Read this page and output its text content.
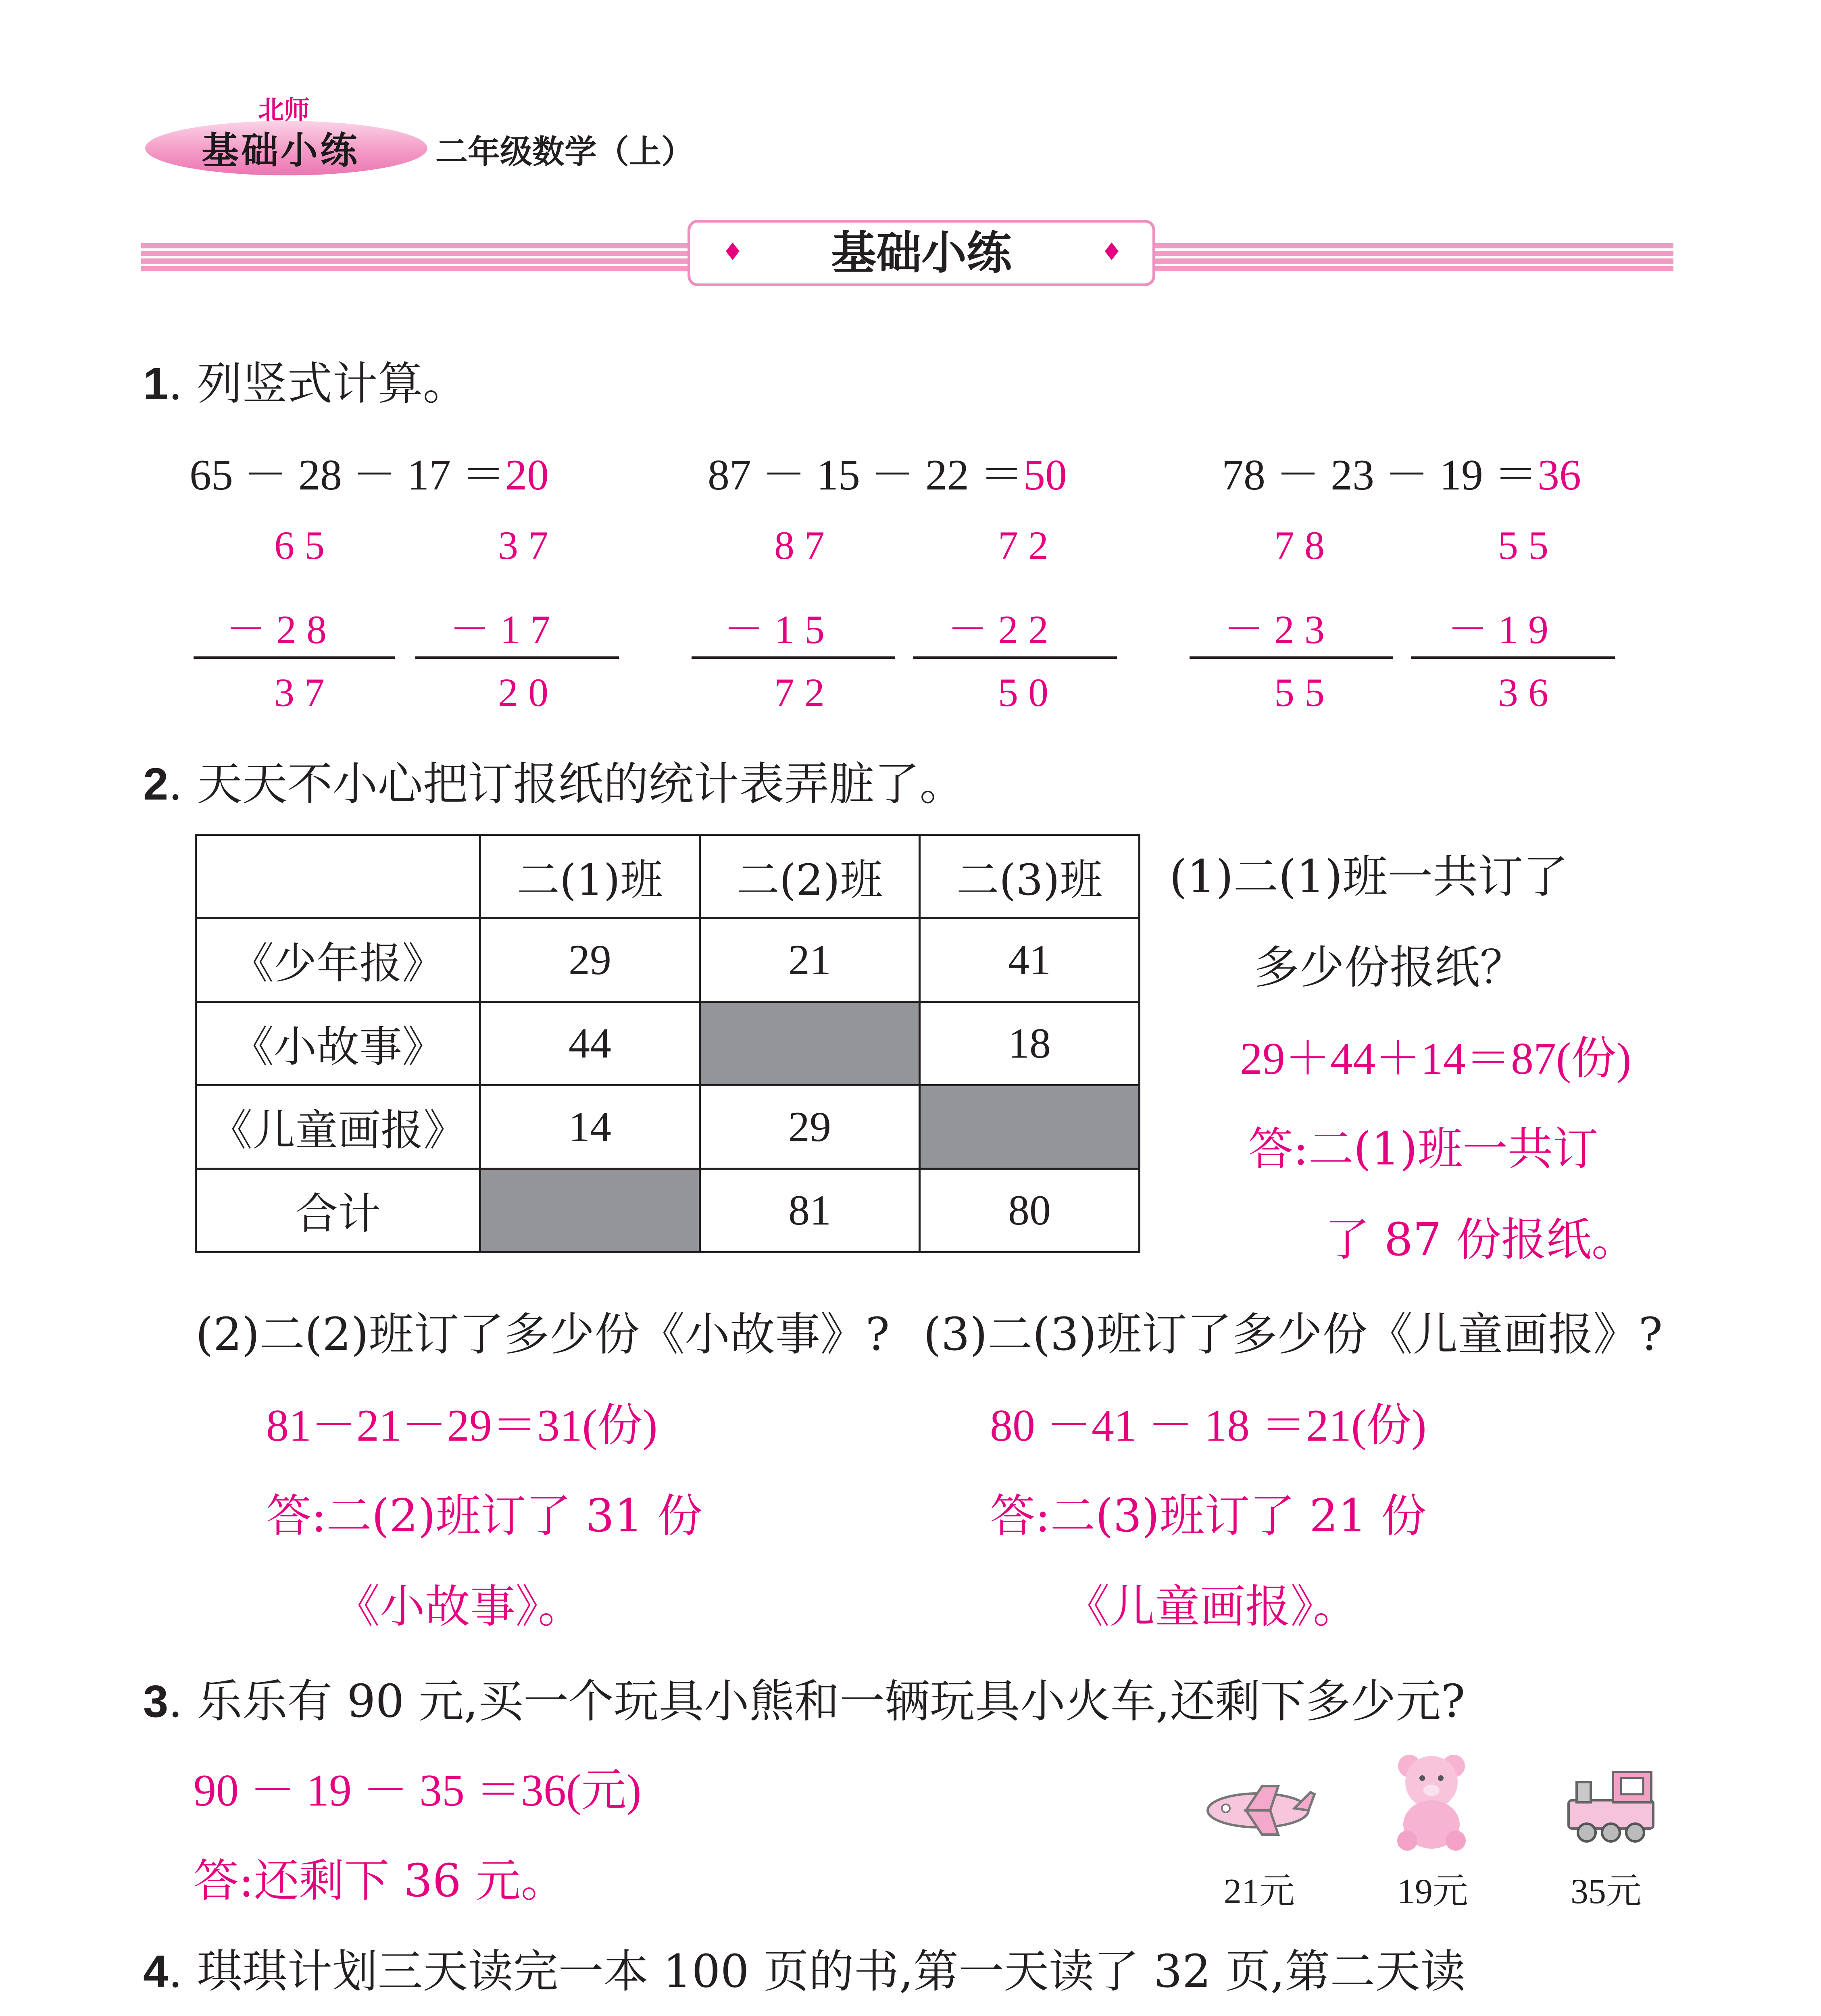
北师
基础小练 二年级数学（上）
♦	♦
基础小练
1. 列竖式计算。
65 － 28 － 17 ＝20	87 － 15 － 22 ＝50	78 － 23 － 19 ＝36
6 5
－ 2 8
3 7
3 7
－ 1 7
2 0
8 7
－ 1 5
7 2
7 2
－ 2 2
5 0
7 8
－ 2 3
5 5
5 5
－ 1 9
3 6
2. 天天不小心把订报纸的统计表弄脏了。
	二(1)班	二(2)班	二(3)班
《少年报》	29	21	41
《小故事》	44		18
《儿童画报》	14	29	
合计		81	80
(1)二(1)班一共订了
多少份报纸？
29＋44＋14＝87(份)
答:二(1)班一共订
了 87 份报纸。
(2)二(2)班订了多少份《小故事》? (3)二(3)班订了多少份《儿童画报》?
81－21－29＝31(份)
答:二(2)班订了 31 份
《小故事》。
80 －41 － 18 ＝21(份)
答:二(3)班订了 21 份
《儿童画报》。
3. 乐乐有 90 元,买一个玩具小熊和一辆玩具小火车,还剩下多少元?
90 － 19 － 35 ＝36(元)
答:还剩下 36 元。	21元	19元	35元
4. 琪琪计划三天读完一本 100 页的书,第一天读了 32 页,第二天读
